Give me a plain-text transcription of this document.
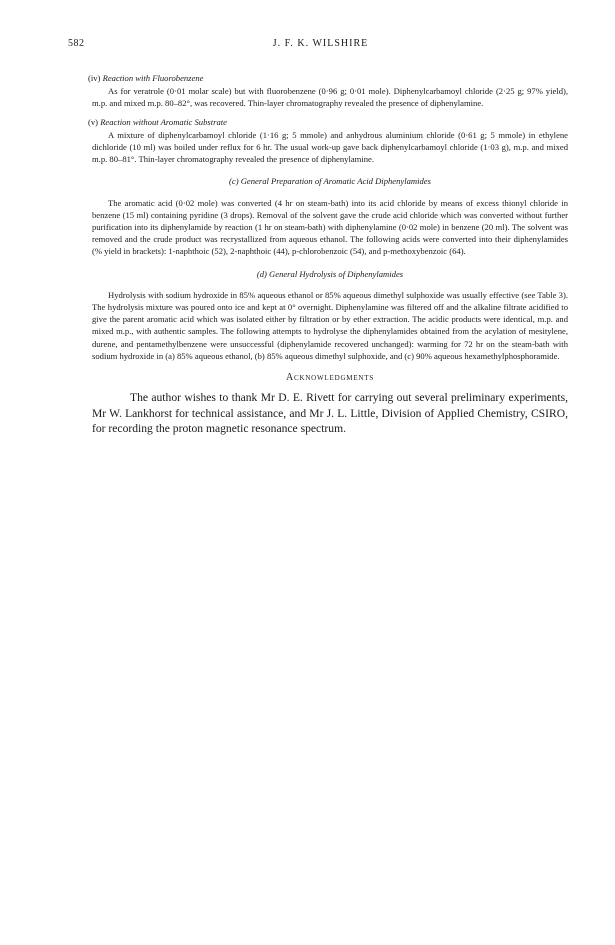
582	J. F. K. WILSHIRE
(iv) Reaction with Fluorobenzene

As for veratrole (0·01 molar scale) but with fluorobenzene (0·96 g; 0·01 mole). Diphenylcarbamoyl chloride (2·25 g; 97% yield), m.p. and mixed m.p. 80–82°, was recovered. Thin-layer chromatography revealed the presence of diphenylamine.

(v) Reaction without Aromatic Substrate

A mixture of diphenylcarbamoyl chloride (1·16 g; 5 mmole) and anhydrous aluminium chloride (0·61 g; 5 mmole) in ethylene dichloride (10 ml) was boiled under reflux for 6 hr. The usual work-up gave back diphenylcarbamoyl chloride (1·03 g), m.p. and mixed m.p. 80–81°. Thin-layer chromatography revealed the presence of diphenylamine.

(c) General Preparation of Aromatic Acid Diphenylamides

The aromatic acid (0·02 mole) was converted (4 hr on steam-bath) into its acid chloride by means of excess thionyl chloride in benzene (15 ml) containing pyridine (3 drops). Removal of the solvent gave the crude acid chloride which was converted without further purification into its diphenylamide by reaction (1 hr on steam-bath) with diphenylamine (0·02 mole) in benzene (20 ml). The solvent was removed and the crude product was recrystallized from aqueous ethanol. The following acids were converted into their diphenylamides (% yield in brackets): 1-naphthoic (52), 2-naphthoic (44), p-chlorobenzoic (54), and p-methoxybenzoic (64).

(d) General Hydrolysis of Diphenylamides

Hydrolysis with sodium hydroxide in 85% aqueous ethanol or 85% aqueous dimethyl sulphoxide was usually effective (see Table 3). The hydrolysis mixture was poured onto ice and kept at 0° overnight. Diphenylamine was filtered off and the alkaline filtrate acidified to give the parent aromatic acid which was isolated either by filtration or by ether extraction. The acidic products were identical, m.p. and mixed m.p., with authentic samples. The following attempts to hydrolyse the diphenylamides obtained from the acylation of mesitylene, durene, and pentamethylbenzene were unsuccessful (diphenylamide recovered unchanged): warming for 72 hr on the steam-bath with sodium hydroxide in (a) 85% aqueous ethanol, (b) 85% aqueous dimethyl sulphoxide, and (c) 90% aqueous hexamethylphosphoramide.

Acknowledgments

The author wishes to thank Mr D. E. Rivett for carrying out several preliminary experiments, Mr W. Lankhorst for technical assistance, and Mr J. L. Little, Division of Applied Chemistry, CSIRO, for recording the proton magnetic resonance spectrum.
